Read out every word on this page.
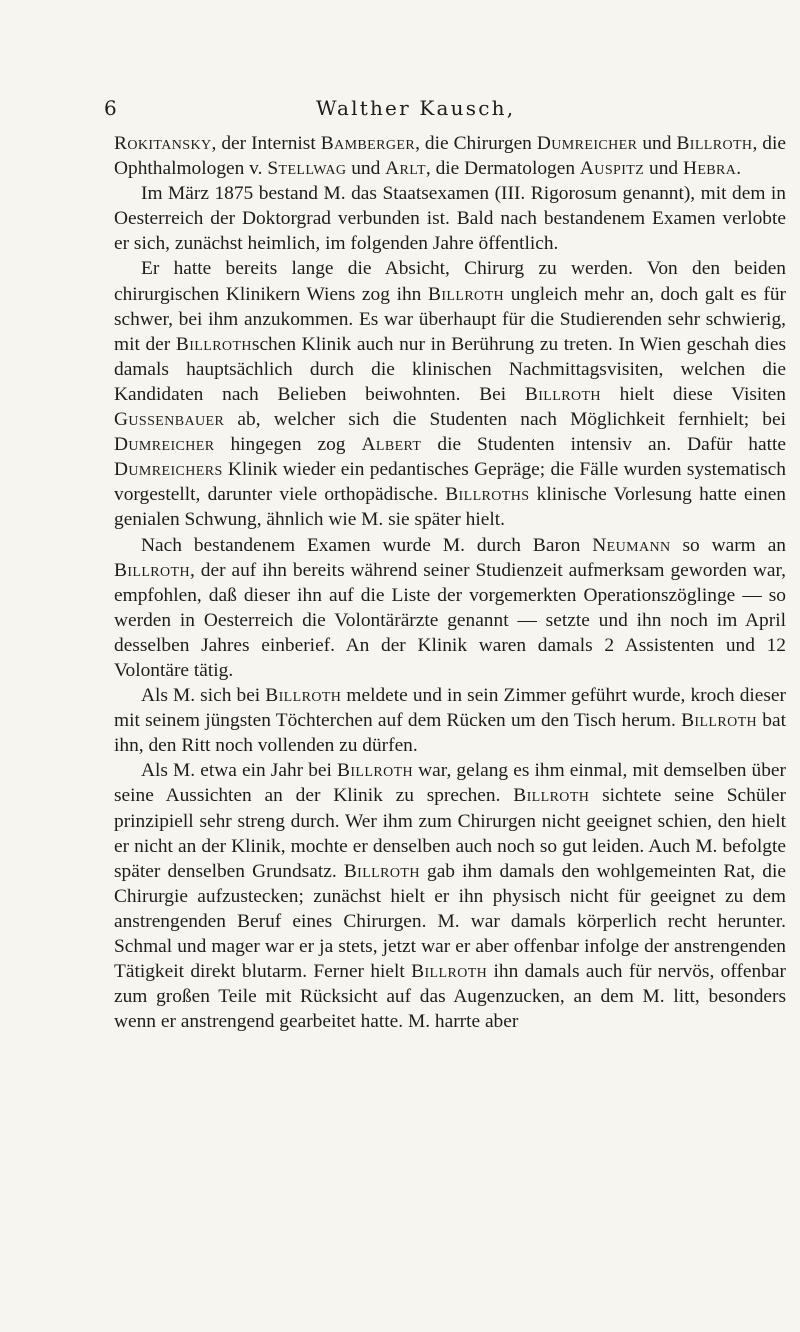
6	Walther Kausch,

Rokitansky, der Internist Bamberger, die Chirurgen Dumreicher und Billroth, die Ophthalmologen v. Stellwag und Arlt, die Dermatologen Auspitz und Hebra.

Im März 1875 bestand M. das Staatsexamen (III. Rigorosum genannt), mit dem in Oesterreich der Doktorgrad verbunden ist. Bald nach bestandenem Examen verlobte er sich, zunächst heimlich, im folgenden Jahre öffentlich.

Er hatte bereits lange die Absicht, Chirurg zu werden. Von den beiden chirurgischen Klinikern Wiens zog ihn Billroth ungleich mehr an, doch galt es für schwer, bei ihm anzukommen. Es war überhaupt für die Studierenden sehr schwierig, mit der Billrothschen Klinik auch nur in Berührung zu treten. In Wien geschah dies damals hauptsächlich durch die klinischen Nachmittagsvisiten, welchen die Kandidaten nach Belieben beiwohnten. Bei Billroth hielt diese Visiten Gussenbauer ab, welcher sich die Studenten nach Möglichkeit fernhielt; bei Dumreicher hingegen zog Albert die Studenten intensiv an. Dafür hatte Dumreichers Klinik wieder ein pedantisches Gepräge; die Fälle wurden systematisch vorgestellt, darunter viele orthopädische. Billroths klinische Vorlesung hatte einen genialen Schwung, ähnlich wie M. sie später hielt.

Nach bestandenem Examen wurde M. durch Baron Neumann so warm an Billroth, der auf ihn bereits während seiner Studienzeit aufmerksam geworden war, empfohlen, daß dieser ihn auf die Liste der vorgemerkten Operationszöglinge — so werden in Oesterreich die Volontärärzte genannt — setzte und ihn noch im April desselben Jahres einberief. An der Klinik waren damals 2 Assistenten und 12 Volontäre tätig.

Als M. sich bei Billroth meldete und in sein Zimmer geführt wurde, kroch dieser mit seinem jüngsten Töchterchen auf dem Rücken um den Tisch herum. Billroth bat ihn, den Ritt noch vollenden zu dürfen.

Als M. etwa ein Jahr bei Billroth war, gelang es ihm einmal, mit demselben über seine Aussichten an der Klinik zu sprechen. Billroth sichtete seine Schüler prinzipiell sehr streng durch. Wer ihm zum Chirurgen nicht geeignet schien, den hielt er nicht an der Klinik, mochte er denselben auch noch so gut leiden. Auch M. befolgte später denselben Grundsatz. Billroth gab ihm damals den wohlgemeinten Rat, die Chirurgie aufzustecken; zunächst hielt er ihn physisch nicht für geeignet zu dem anstrengenden Beruf eines Chirurgen. M. war damals körperlich recht herunter. Schmal und mager war er ja stets, jetzt war er aber offenbar infolge der anstrengenden Tätigkeit direkt blutarm. Ferner hielt Billroth ihn damals auch für nervös, offenbar zum großen Teile mit Rücksicht auf das Augenzucken, an dem M. litt, besonders wenn er anstrengend gearbeitet hatte. M. harrte aber
